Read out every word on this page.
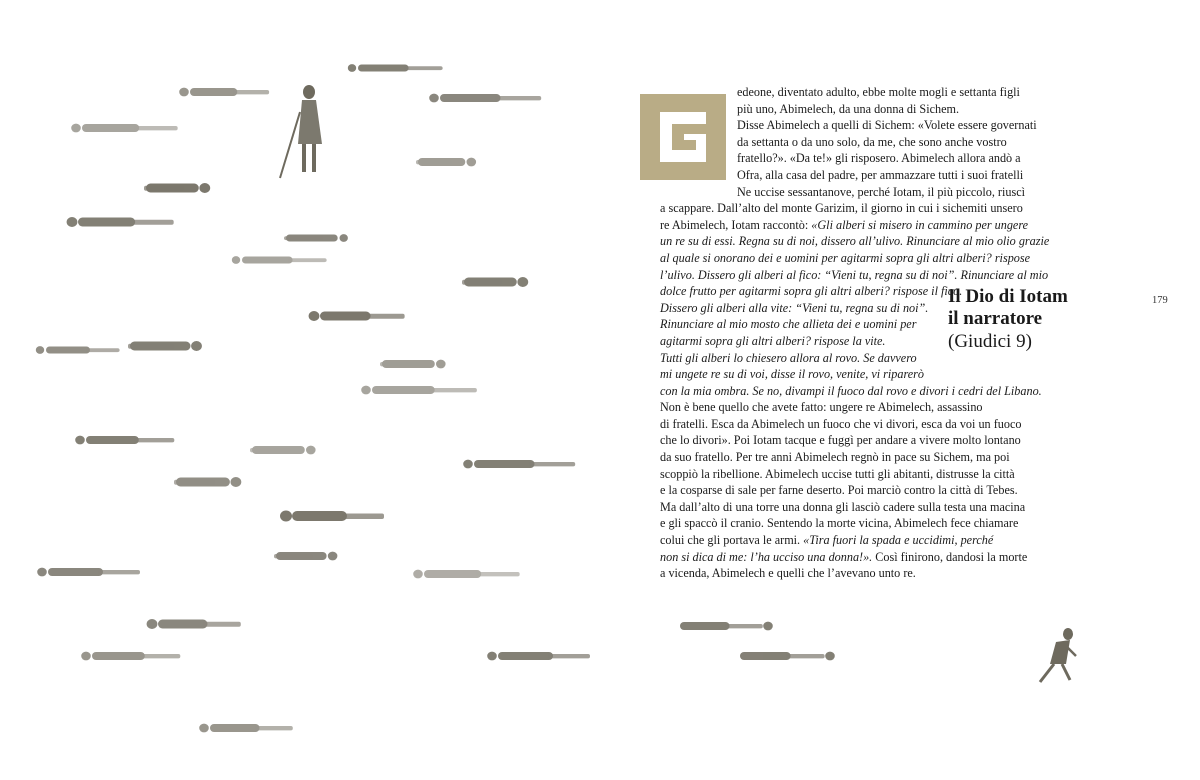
edeone, diventato adulto, ebbe molte mogli e settanta figli
più uno, Abimelech, da una donna di Sichem.
Disse Abimelech a quelli di Sichem: «Volete essere governati
da settanta o da uno solo, da me, che sono anche vostro
fratello?». «Da te!» gli risposero. Abimelech allora andò a
Ofra, alla casa del padre, per ammazzare tutti i suoi fratelli
Ne uccise sessantanove, perché Iotam, il più piccolo, riuscì
a scappare. Dall’alto del monte Garizim, il giorno in cui i sichemiti unsero
re Abimelech, Iotam raccontò: «Gli alberi si misero in cammino per ungere
un re su di essi. Regna su di noi, dissero all’ulivo. Rinunciare al mio olio grazie
al quale si onorano dei e uomini per agitarmi sopra gli altri alberi? rispose
l’ulivo. Dissero gli alberi al fico: “Vieni tu, regna su di noi”. Rinunciare al mio
dolce frutto per agitarmi sopra gli altri alberi? rispose il fico.
Dissero gli alberi alla vite: “Vieni tu, regna su di noi”.
Rinunciare al mio mosto che allieta dei e uomini per
agitarmi sopra gli altri alberi? rispose la vite.
Tutti gli alberi lo chiesero allora al rovo. Se davvero
mi ungete re su di voi, disse il rovo, venite, vi riparerò
con la mia ombra. Se no, divampi il fuoco dal rovo e divori i cedri del Libano.
Non è bene quello che avete fatto: ungere re Abimelech, assassino
di fratelli. Esca da Abimelech un fuoco che vi divori, esca da voi un fuoco
che lo divori». Poi Iotam tacque e fuggì per andare a vivere molto lontano
da suo fratello. Per tre anni Abimelech regnò in pace su Sichem, ma poi
scoppiò la ribellione. Abimelech uccise tutti gli abitanti, distrusse la città
e la cosparse di sale per farne deserto. Poi marciò contro la città di Tebes.
Ma dall’alto di una torre una donna gli lasciò cadere sulla testa una macina
e gli spaccò il cranio. Sentendo la morte vicina, Abimelech fece chiamare
colui che gli portava le armi. «Tira fuori la spada e uccidimi, perché
non si dica di me: l’ha ucciso una donna!». Così finirono, dandosi la morte
a vicenda, Abimelech e quelli che l’avevano unto re.
Il Dio di Iotam
il narratore
(Giudici 9)
179
